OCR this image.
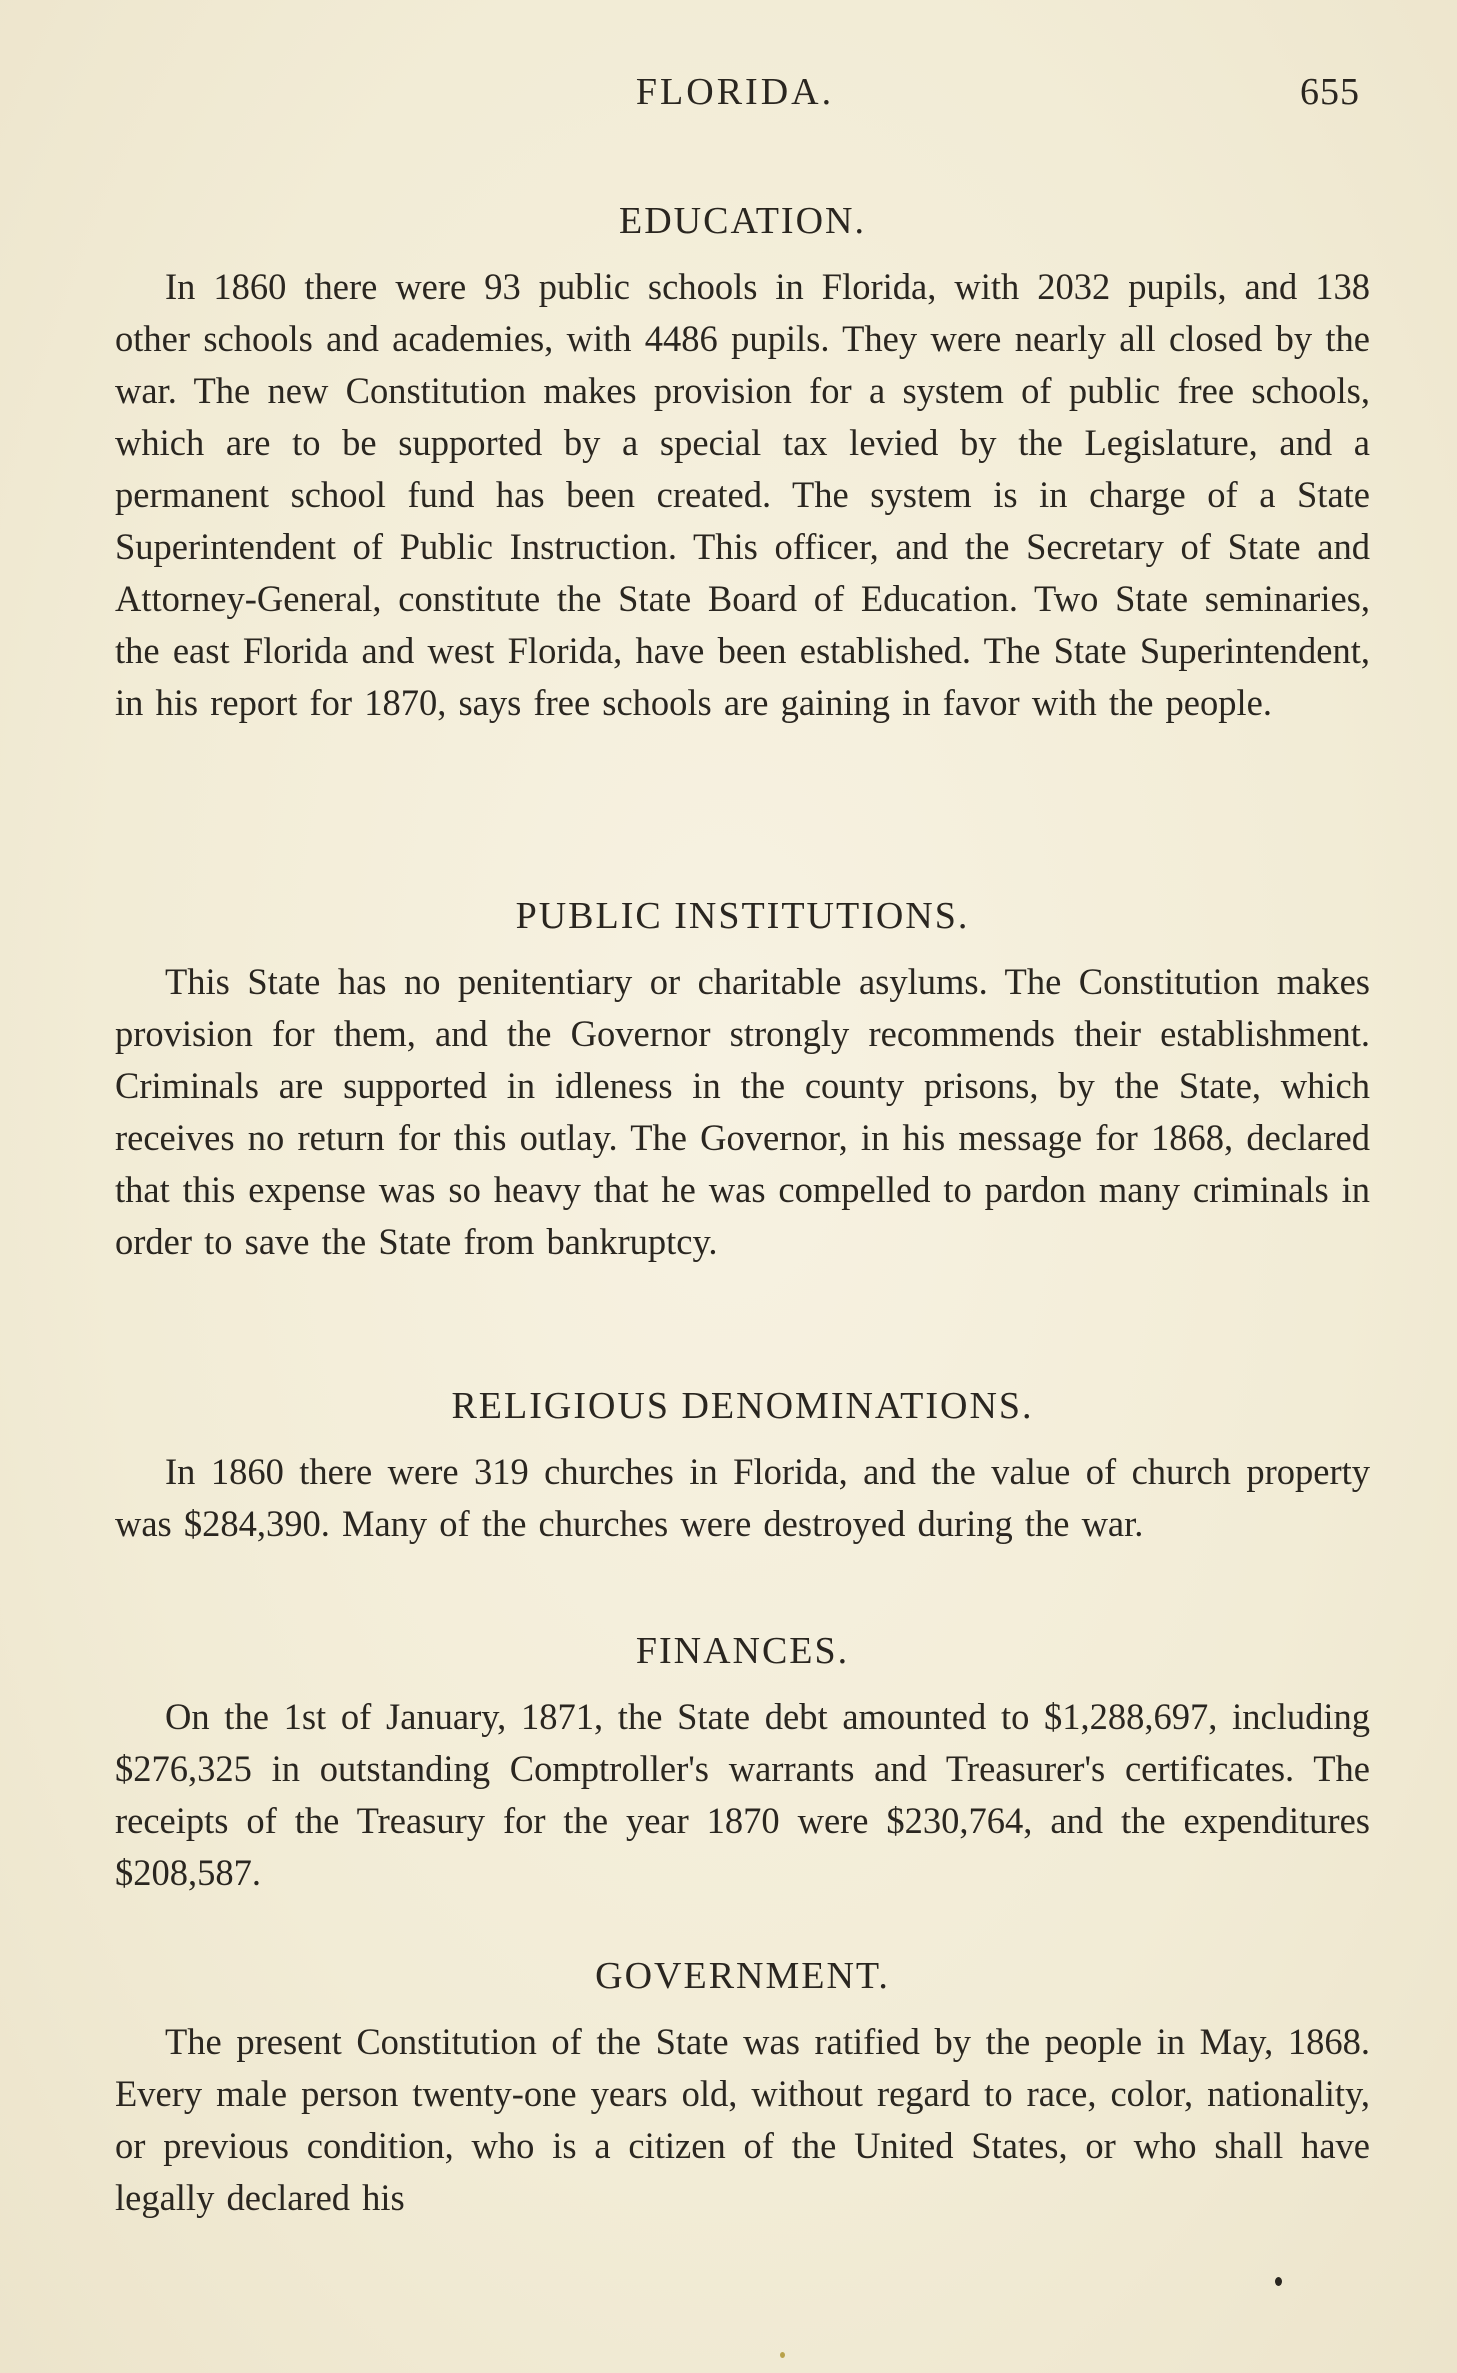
FLORIDA.	655
EDUCATION.

In 1860 there were 93 public schools in Florida, with 2032 pupils, and 138 other schools and academies, with 4486 pupils. They were nearly all closed by the war. The new Constitution makes provision for a system of public free schools, which are to be supported by a special tax levied by the Legislature, and a permanent school fund has been created. The system is in charge of a State Superintendent of Public Instruction. This officer, and the Secretary of State and Attorney-General, constitute the State Board of Education. Two State seminaries, the east Florida and west Florida, have been established. The State Superintendent, in his report for 1870, says free schools are gaining in favor with the people.

PUBLIC INSTITUTIONS.

This State has no penitentiary or charitable asylums. The Constitution makes provision for them, and the Governor strongly recommends their establishment. Criminals are supported in idleness in the county prisons, by the State, which receives no return for this outlay. The Governor, in his message for 1868, declared that this expense was so heavy that he was compelled to pardon many criminals in order to save the State from bankruptcy.

RELIGIOUS DENOMINATIONS.

In 1860 there were 319 churches in Florida, and the value of church property was $284,390. Many of the churches were destroyed during the war.

FINANCES.

On the 1st of January, 1871, the State debt amounted to $1,288,697, including $276,325 in outstanding Comptroller's warrants and Treasurer's certificates. The receipts of the Treasury for the year 1870 were $230,764, and the expenditures $208,587.

GOVERNMENT.

The present Constitution of the State was ratified by the people in May, 1868. Every male person twenty-one years old, without regard to race, color, nationality, or previous condition, who is a citizen of the United States, or who shall have legally declared his
